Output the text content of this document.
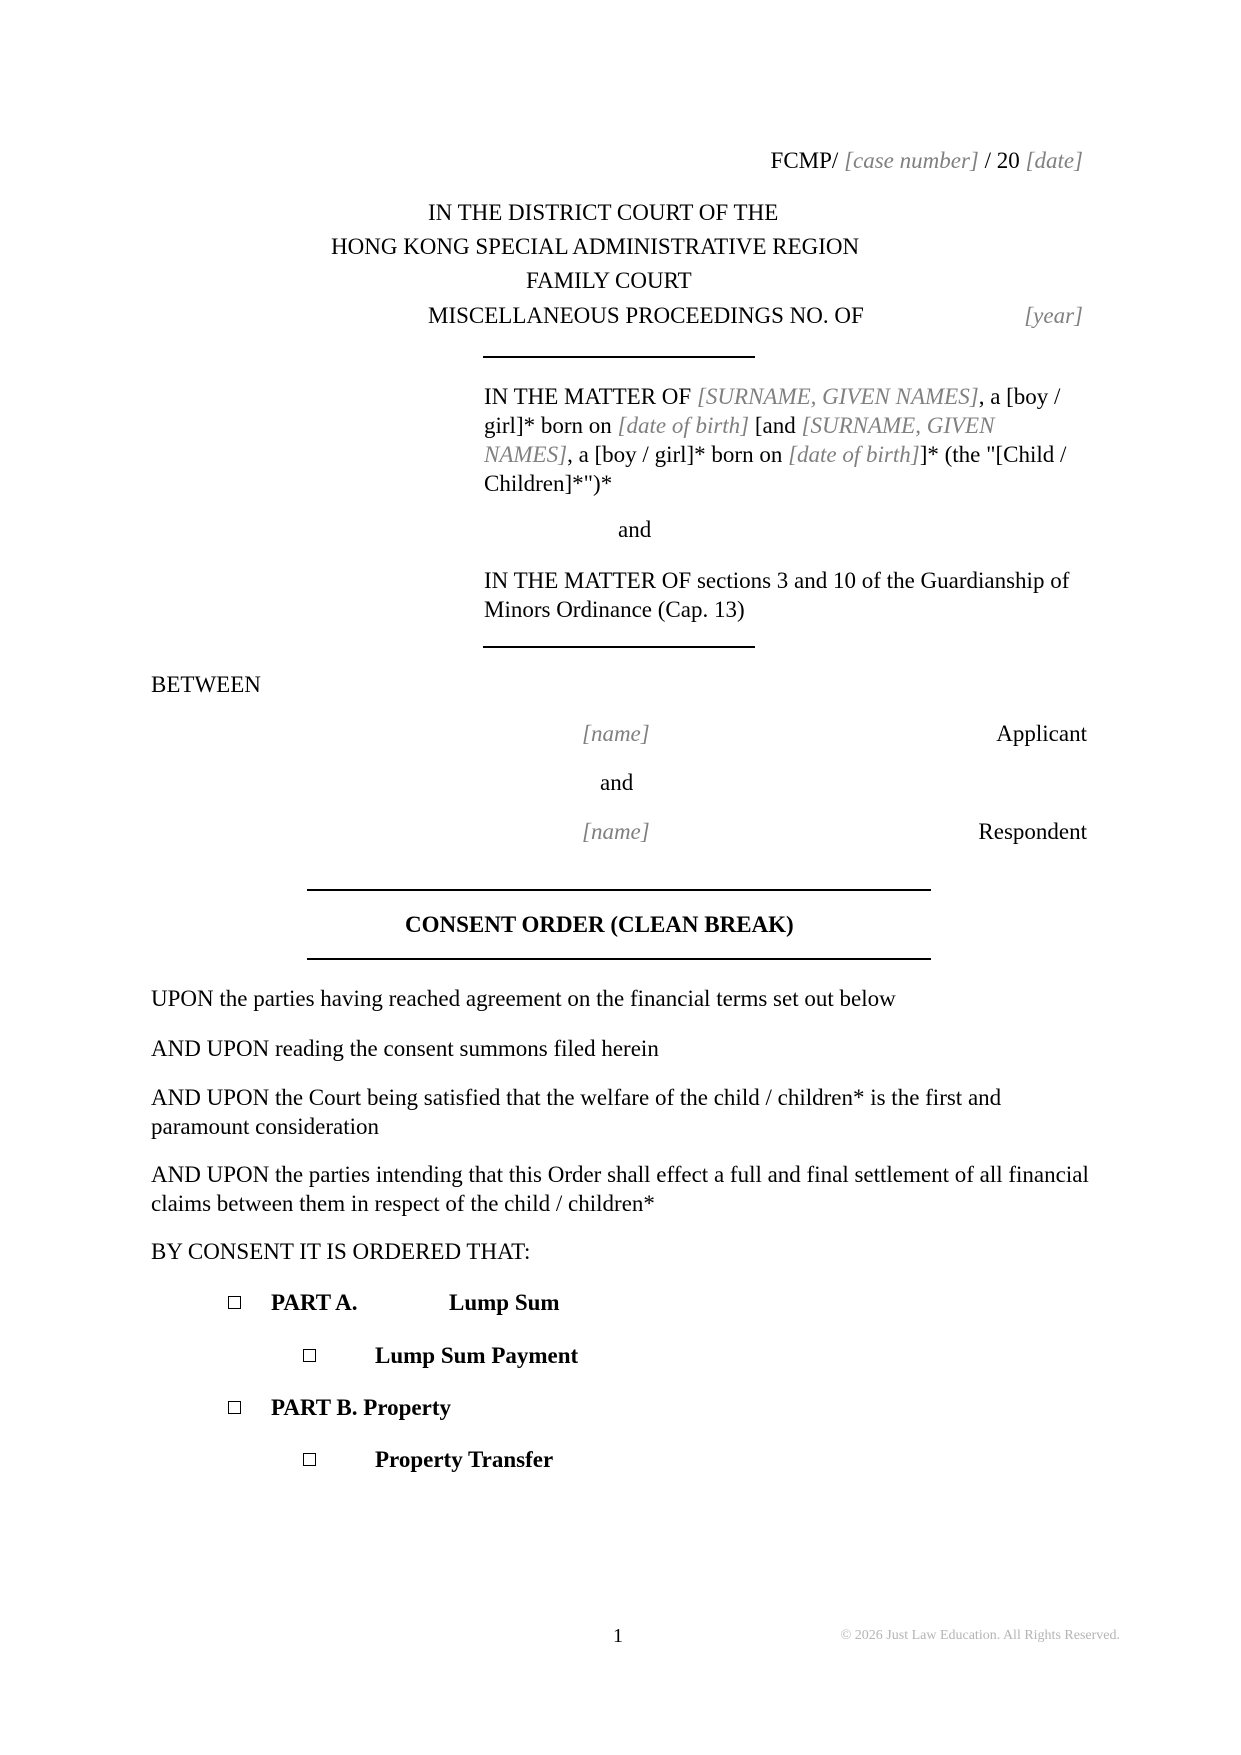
FCMP/ [case number] / 20 [date]
IN THE DISTRICT COURT OF THE
HONG KONG SPECIAL ADMINISTRATIVE REGION
FAMILY COURT
MISCELLANEOUS PROCEEDINGS NO. OF	[year]
IN THE MATTER OF [SURNAME, GIVEN NAMES], a [boy / girl]* born on [date of birth] [and [SURNAME, GIVEN NAMES], a [boy / girl]* born on [date of birth]]* (the "[Child / Children]*")*
and
IN THE MATTER OF sections 3 and 10 of the Guardianship of Minors Ordinance (Cap. 13)
BETWEEN
[name]	Applicant
and
[name]	Respondent
CONSENT ORDER (CLEAN BREAK)
UPON the parties having reached agreement on the financial terms set out below
AND UPON reading the consent summons filed herein
AND UPON the Court being satisfied that the welfare of the child / children* is the first and paramount consideration
AND UPON the parties intending that this Order shall effect a full and final settlement of all financial claims between them in respect of the child / children*
BY CONSENT IT IS ORDERED THAT:
PART A.	Lump Sum
Lump Sum Payment
PART B. Property
Property Transfer
1	© 2026 Just Law Education. All Rights Reserved.
